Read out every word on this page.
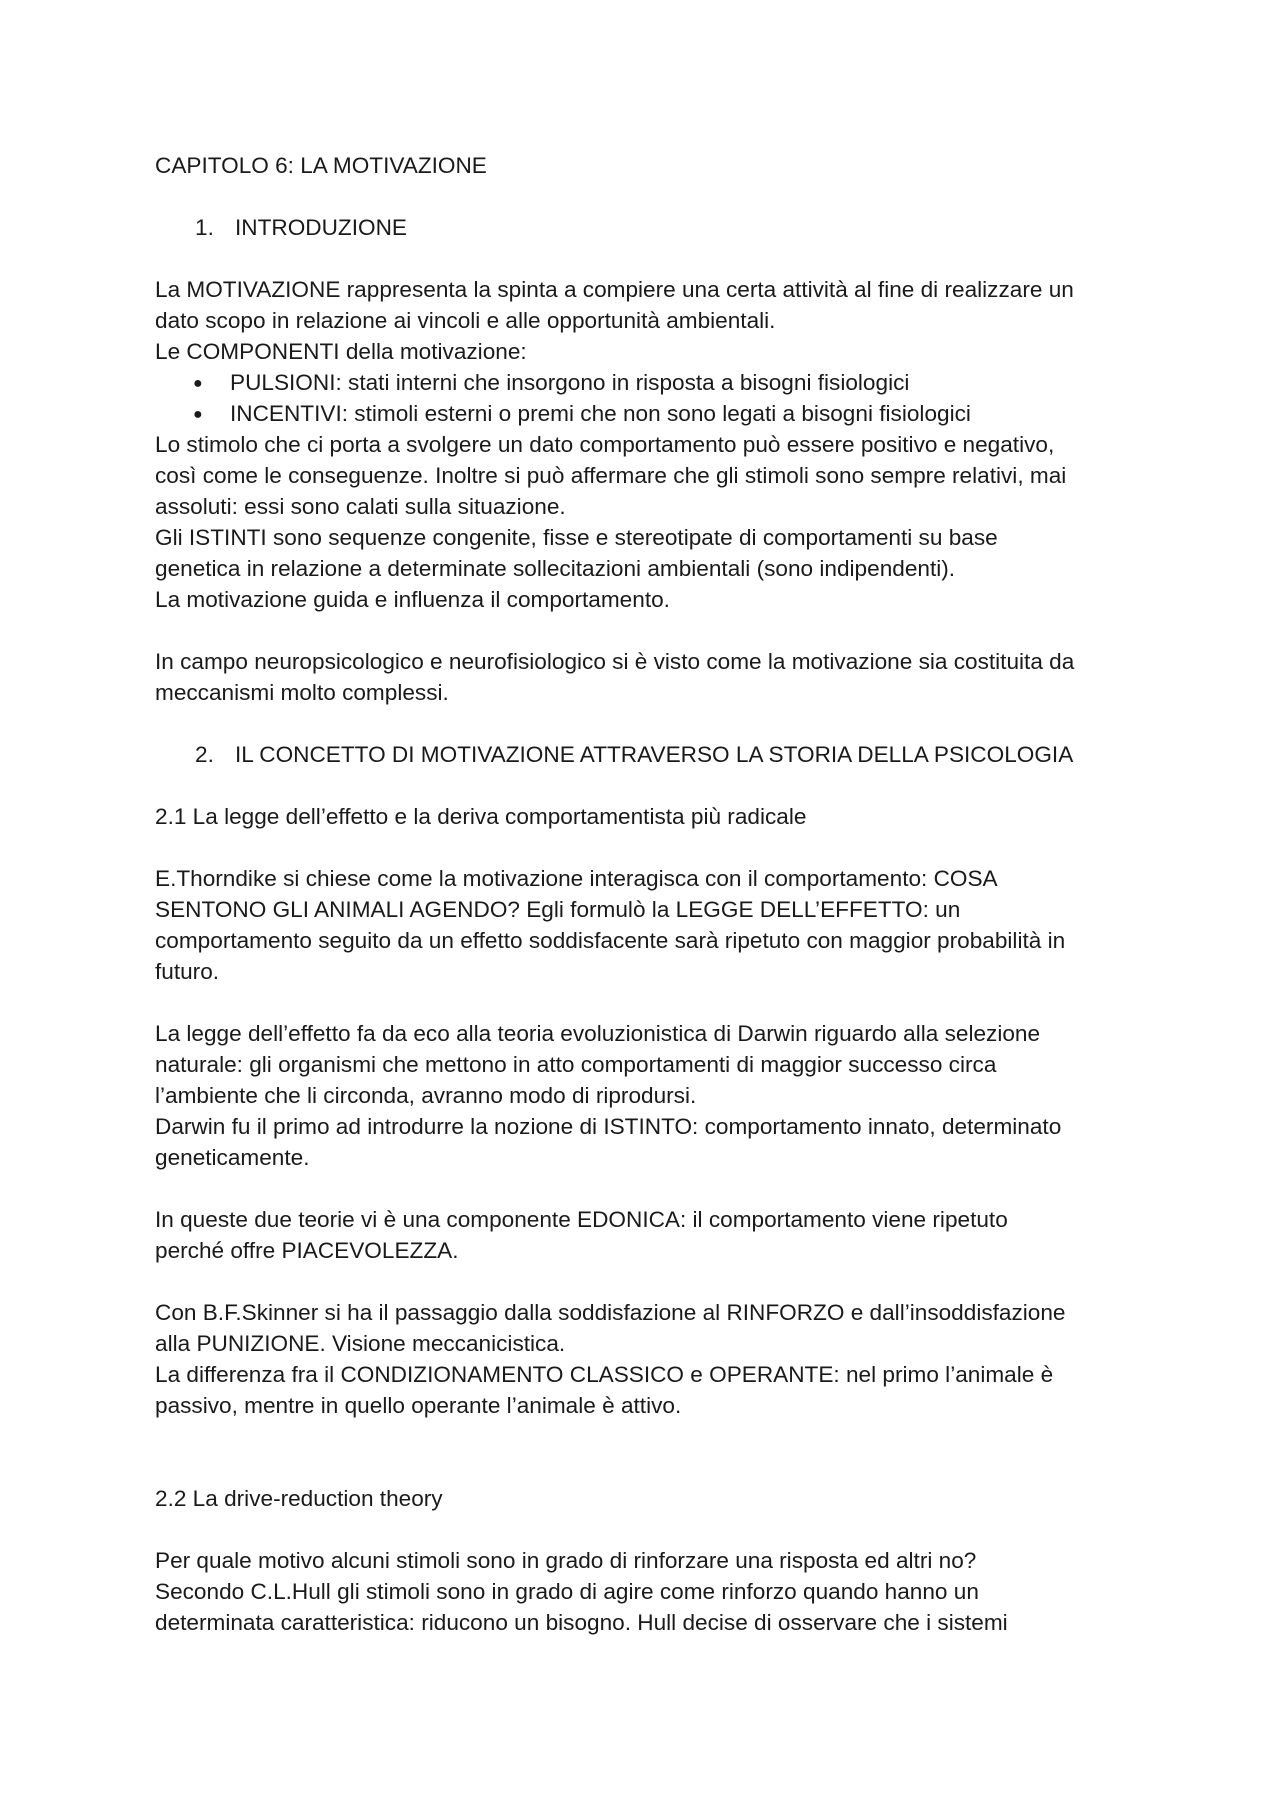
CAPITOLO 6: LA MOTIVAZIONE
1. INTRODUZIONE
La MOTIVAZIONE rappresenta la spinta a compiere una certa attività al fine di realizzare un
dato scopo in relazione ai vincoli e alle opportunità ambientali.
Le COMPONENTI della motivazione:
● PULSIONI: stati interni che insorgono in risposta a bisogni fisiologici
● INCENTIVI: stimoli esterni o premi che non sono legati a bisogni fisiologici
Lo stimolo che ci porta a svolgere un dato comportamento può essere positivo e negativo,
così come le conseguenze. Inoltre si può affermare che gli stimoli sono sempre relativi, mai
assoluti: essi sono calati sulla situazione.
Gli ISTINTI sono sequenze congenite, fisse e stereotipate di comportamenti su base
genetica in relazione a determinate sollecitazioni ambientali (sono indipendenti).
La motivazione guida e influenza il comportamento.
In campo neuropsicologico e neurofisiologico si è visto come la motivazione sia costituita da
meccanismi molto complessi.
2. IL CONCETTO DI MOTIVAZIONE ATTRAVERSO LA STORIA DELLA PSICOLOGIA
2.1 La legge dell’effetto e la deriva comportamentista più radicale
E.Thorndike si chiese come la motivazione interagisca con il comportamento: COSA
SENTONO GLI ANIMALI AGENDO? Egli formulò la LEGGE DELL’EFFETTO: un
comportamento seguito da un effetto soddisfacente sarà ripetuto con maggior probabilità in
futuro.
La legge dell’effetto fa da eco alla teoria evoluzionistica di Darwin riguardo alla selezione
naturale: gli organismi che mettono in atto comportamenti di maggior successo circa
l’ambiente che li circonda, avranno modo di riprodursi.
Darwin fu il primo ad introdurre la nozione di ISTINTO: comportamento innato, determinato
geneticamente.
In queste due teorie vi è una componente EDONICA: il comportamento viene ripetuto
perché offre PIACEVOLEZZA.
Con B.F.Skinner si ha il passaggio dalla soddisfazione al RINFORZO e dall’insoddisfazione
alla PUNIZIONE. Visione meccanicistica.
La differenza fra il CONDIZIONAMENTO CLASSICO e OPERANTE: nel primo l’animale è
passivo, mentre in quello operante l’animale è attivo.
2.2 La drive-reduction theory
Per quale motivo alcuni stimoli sono in grado di rinforzare una risposta ed altri no?
Secondo C.L.Hull gli stimoli sono in grado di agire come rinforzo quando hanno un
determinata caratteristica: riducono un bisogno. Hull decise di osservare che i sistemi
